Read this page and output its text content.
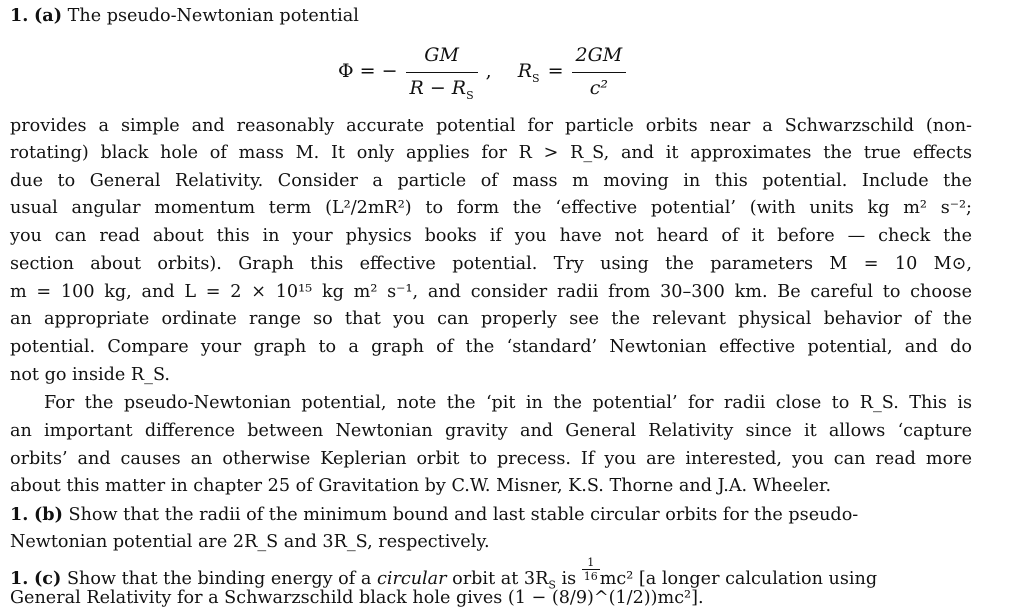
1. (a) The pseudo-Newtonian potential
Φ = − $\frac{GM}{R - R_S}$ , $R_S = \frac{2GM}{\text{c²}}$
provides a simple and reasonably accurate potential for particle orbits near a Schwarzschild (non-
rotating) black hole of mass M. It only applies for R > R_S, and it approximates the true effects
due to General Relativity. Consider a particle of mass m moving in this potential. Include the
usual angular momentum term (L²/2mR²) to form the ‘effective potential’ (with units kg m² s⁻²;
you can read about this in your physics books if you have not heard of it before — check the
section about orbits). Graph this effective potential. Try using the parameters M = 10 M⊙,
m = 100 kg, and L = 2 × 10¹⁵ kg m² s⁻¹, and consider radii from 30–300 km. Be careful to choose
an appropriate ordinate range so that you can properly see the relevant physical behavior of the
potential. Compare your graph to a graph of the ‘standard’ Newtonian effective potential, and do
not go inside R_S.
For the pseudo-Newtonian potential, note the ‘pit in the potential’ for radii close to R_S. This is
an important difference between Newtonian gravity and General Relativity since it allows ‘capture
orbits’ and causes an otherwise Keplerian orbit to precess. If you are interested, you can read more
about this matter in chapter 25 of Gravitation by C.W. Misner, K.S. Thorne and J.A. Wheeler.
1. (b) Show that the radii of the minimum bound and last stable circular orbits for the pseudo-
Newtonian potential are 2R_S and 3R_S, respectively.
1. (c) Show that the binding energy of a circular orbit at $3R_S$ is $\frac{1}{16} mc^2$ [a longer calculation using
General Relativity for a Schwarzschild black hole gives (1 − (8/9)^(1/2))mc²].
